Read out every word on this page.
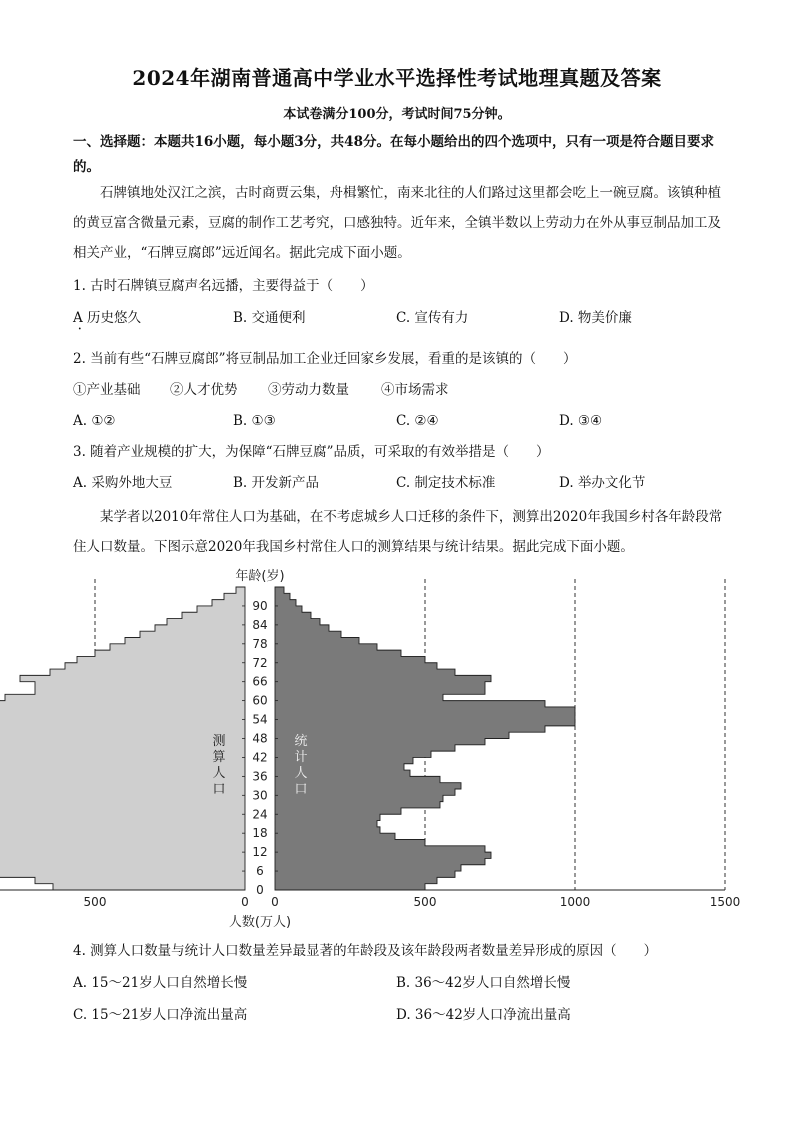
2024年湖南普通高中学业水平选择性考试地理真题及答案
本试卷满分100分，考试时间75分钟。
一、选择题：本题共16小题，每小题3分，共48分。在每小题给出的四个选项中，只有一项是符合题目要求的。
石牌镇地处汉江之滨，古时商贾云集，舟楫繁忙，南来北往的人们路过这里都会吃上一碗豆腐。该镇种植的黄豆富含微量元素，豆腐的制作工艺考究，口感独特。近年来，全镇半数以上劳动力在外从事豆制品加工及相关产业，“石牌豆腐郎”远近闻名。据此完成下面小题。
1. 古时石牌镇豆腐声名远播，主要得益于（　　）
A 历史悠久	B. 交通便利	C. 宣传有力	D. 物美价廉
•
2. 当前有些“石牌豆腐郎”将豆制品加工企业迁回家乡发展，看重的是该镇的（　　）
①产业基础 ②人才优势 ③劳动力数量 ④市场需求
A. ①②	B. ①③	C. ②④	D. ③④
3. 随着产业规模的扩大，为保障“石牌豆腐”品质，可采取的有效举措是（　　）
A. 采购外地大豆	B. 开发新产品	C. 制定技术标准	D. 举办文化节
某学者以2010年常住人口为基础，在不考虑城乡人口迁移的条件下，测算出2020年我国乡村各年龄段常住人口数量。下图示意2020年我国乡村常住人口的测算结果与统计结果。据此完成下面小题。
测算人口
统计人口
500	0 0	500	1000	1500
0
6
12
18
24
30
36
42
48
54
60
66
72
78
84
90
年龄(岁)
人数(万人)
4. 测算人口数量与统计人口数量差异最显著的年龄段及该年龄段两者数量差异形成的原因（　　）
A. 15～21岁人口自然增长慢	B. 36～42岁人口自然增长慢
C. 15～21岁人口净流出量高	D. 36～42岁人口净流出量高
